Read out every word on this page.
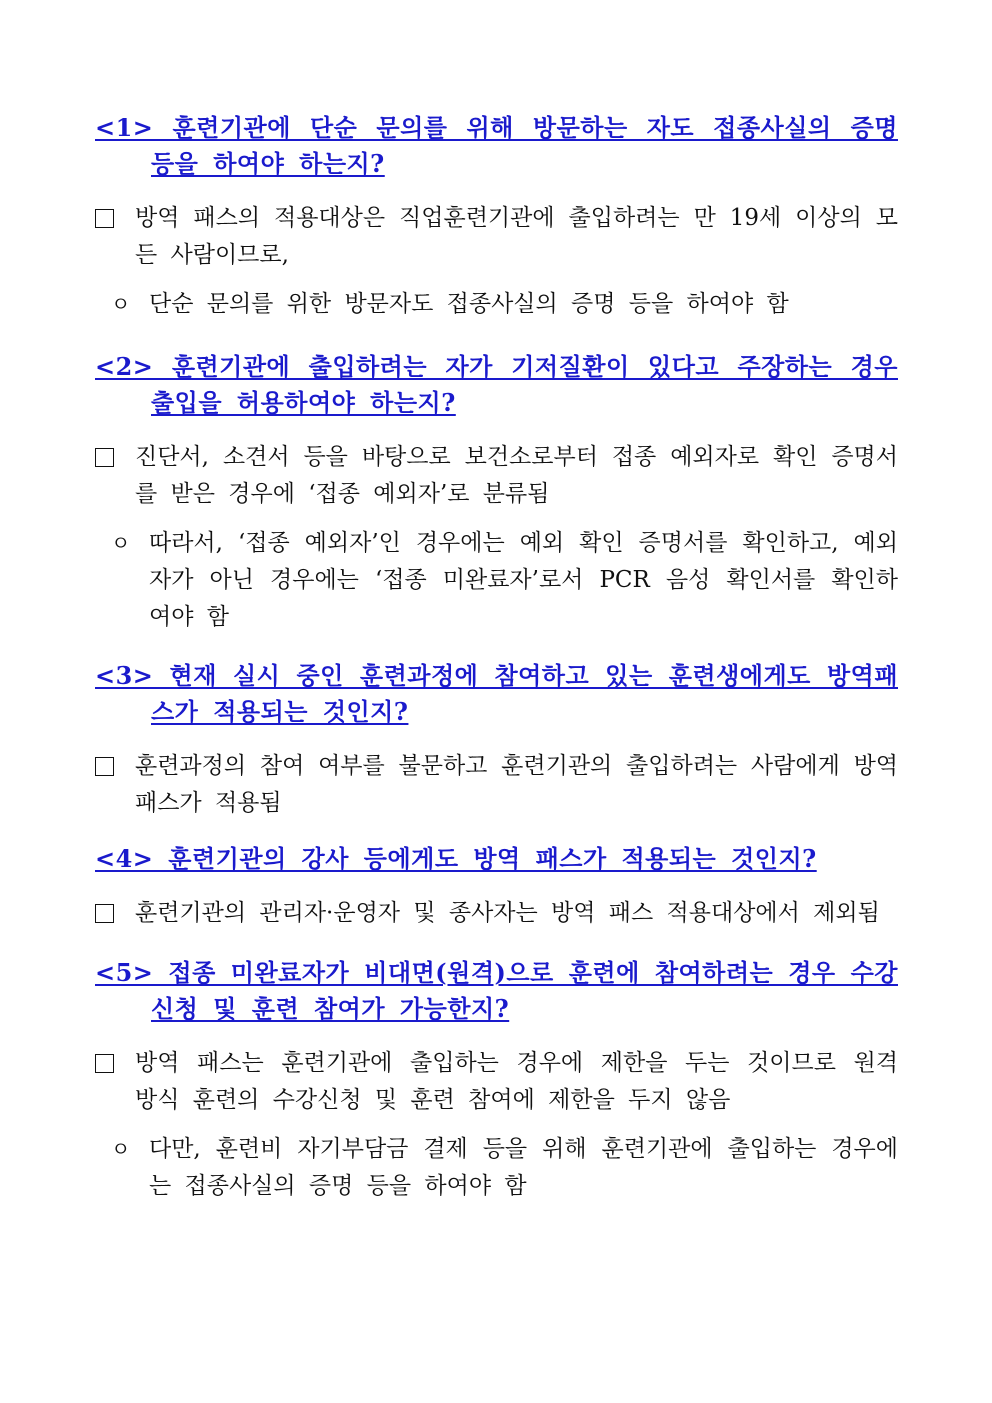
<1> 훈련기관에 단순 문의를 위해 방문하는 자도 접종사실의 증명 등을 하여야 하는지?
방역 패스의 적용대상은 직업훈련기관에 출입하려는 만 19세 이상의 모든 사람이므로,
ㅇ 단순 문의를 위한 방문자도 접종사실의 증명 등을 하여야 함
<2> 훈련기관에 출입하려는 자가 기저질환이 있다고 주장하는 경우 출입을 허용하여야 하는지?
진단서, 소견서 등을 바탕으로 보건소로부터 접종 예외자로 확인 증명서를 받은 경우에 ‘접종 예외자’로 분류됨
ㅇ 따라서, ‘접종 예외자’인 경우에는 예외 확인 증명서를 확인하고, 예외자가 아닌 경우에는 ‘접종 미완료자’로서 PCR 음성 확인서를 확인하여야 함
<3> 현재 실시 중인 훈련과정에 참여하고 있는 훈련생에게도 방역패스가 적용되는 것인지?
훈련과정의 참여 여부를 불문하고 훈련기관의 출입하려는 사람에게 방역패스가 적용됨
<4> 훈련기관의 강사 등에게도 방역 패스가 적용되는 것인지?
훈련기관의 관리자·운영자 및 종사자는 방역 패스 적용대상에서 제외됨
<5> 접종 미완료자가 비대면(원격)으로 훈련에 참여하려는 경우 수강신청 및 훈련 참여가 가능한지?
방역 패스는 훈련기관에 출입하는 경우에 제한을 두는 것이므로 원격 방식 훈련의 수강신청 및 훈련 참여에 제한을 두지 않음
ㅇ 다만, 훈련비 자기부담금 결제 등을 위해 훈련기관에 출입하는 경우에는 접종사실의 증명 등을 하여야 함
